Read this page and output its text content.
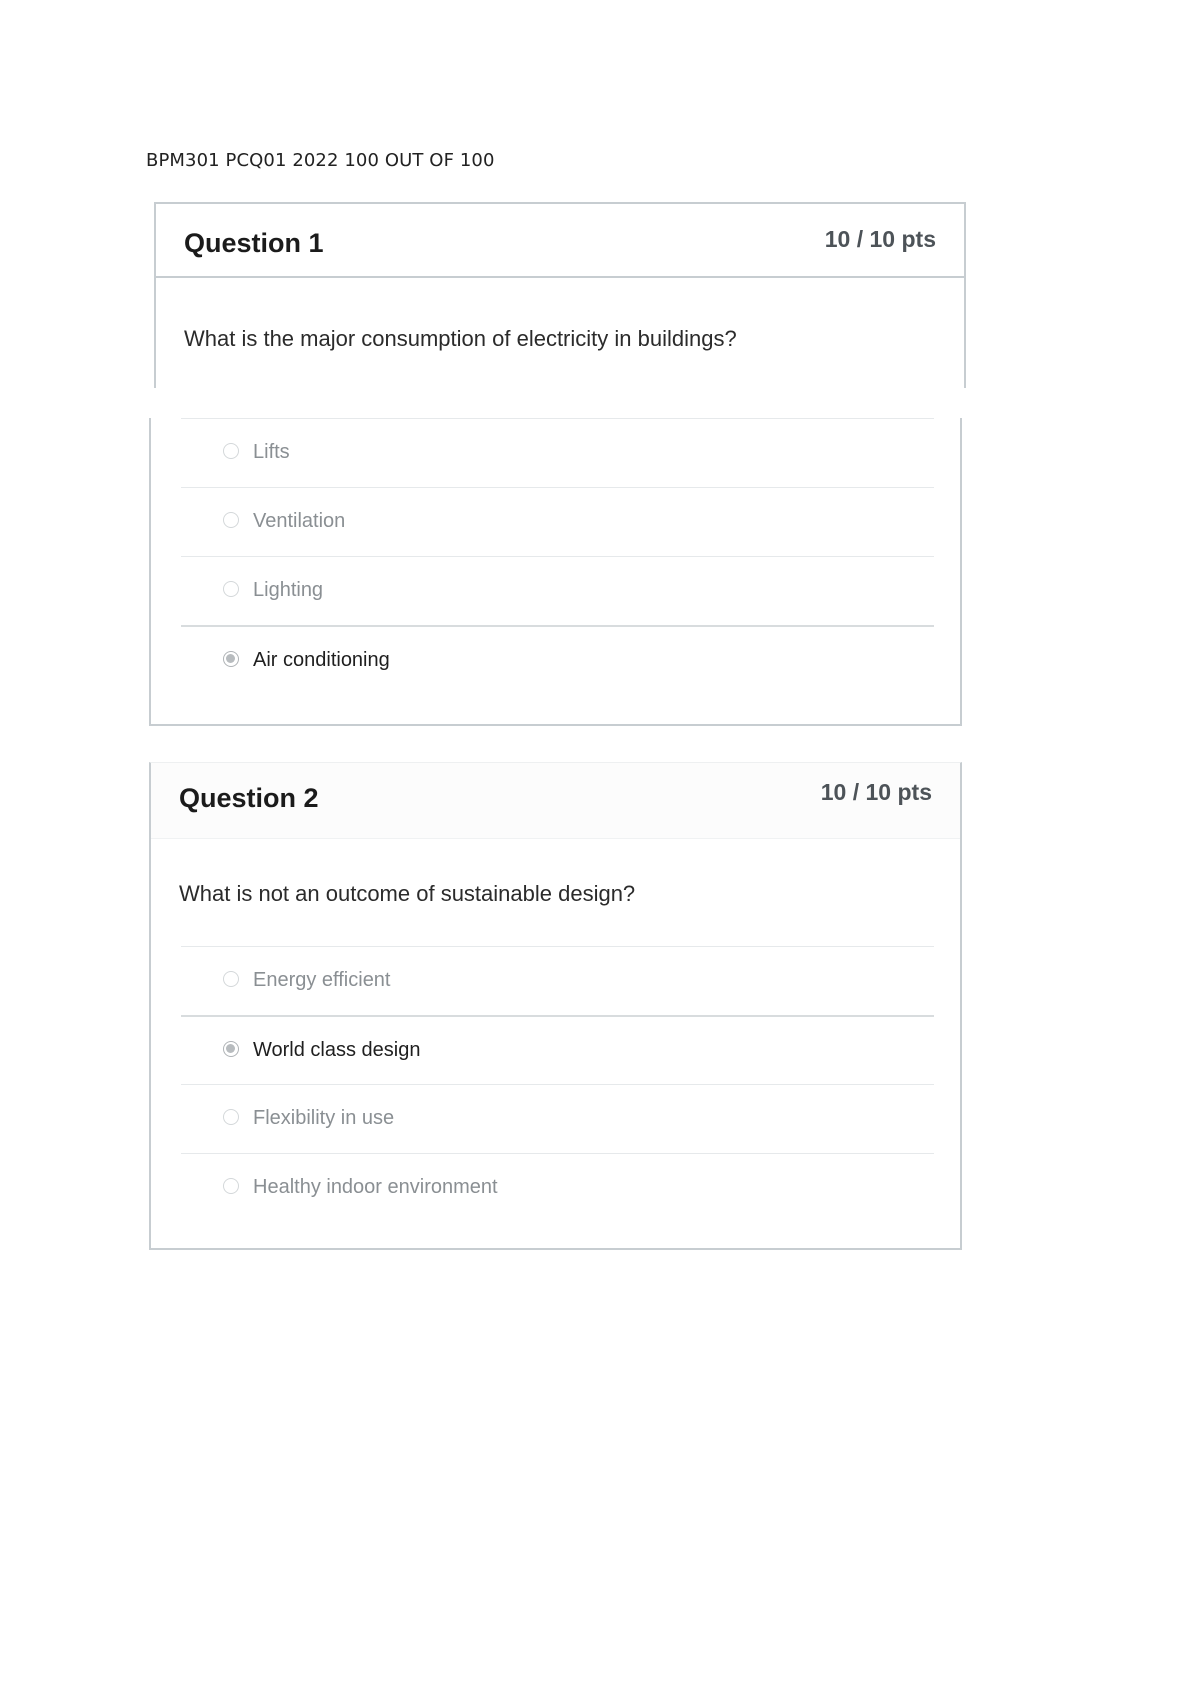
BPM301 PCQ01 2022 100 OUT OF 100
Question 1	10 / 10 pts
What is the major consumption of electricity in buildings?
Lifts
Ventilation
Lighting
Air conditioning
Question 2	10 / 10 pts
What is not an outcome of sustainable design?
Energy efficient
World class design
Flexibility in use
Healthy indoor environment
